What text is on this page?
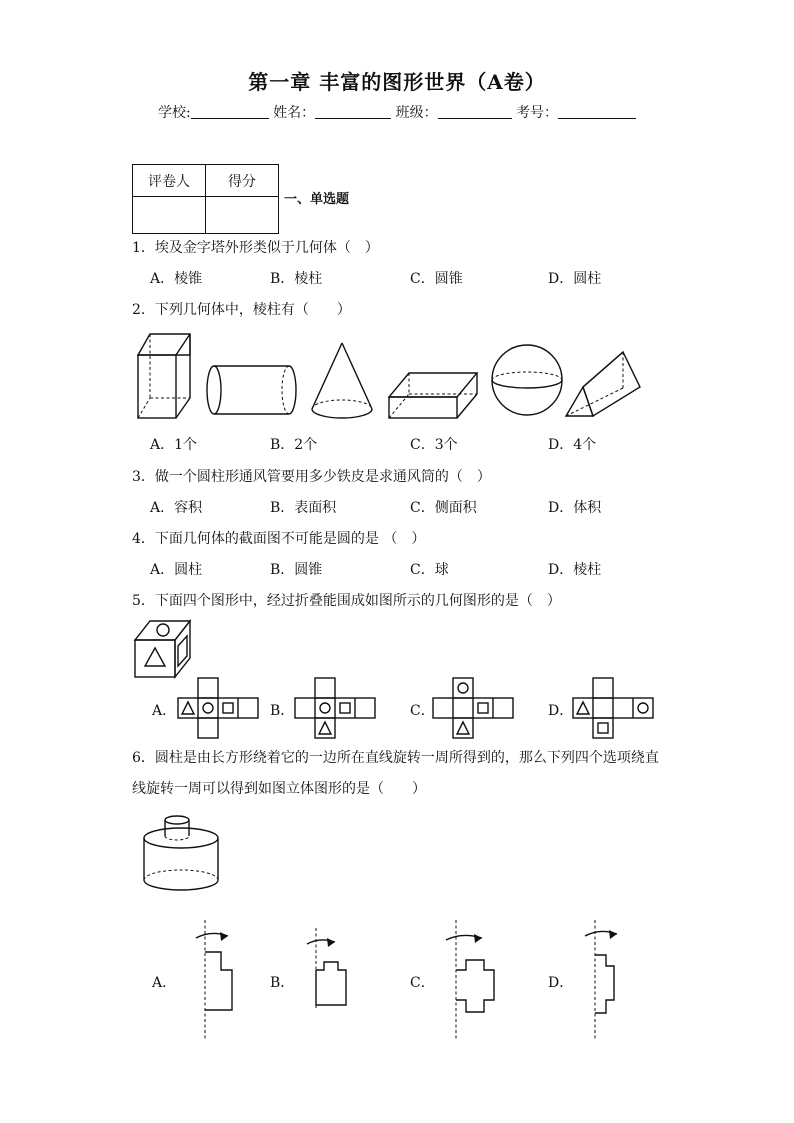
第一章 丰富的图形世界（A卷）
学校:	姓名：	班级：	考号：
评卷人	得分

一、单选题
1．埃及金字塔外形类似于几何体（　）
A．棱锥	B．棱柱	C．圆锥	D．圆柱
2．下列几何体中，棱柱有（　　）
A．1个	B．2个	C．3个	D．4个
3．做一个圆柱形通风管要用多少铁皮是求通风筒的（　）
A．容积	B．表面积	C．侧面积	D．体积
4．下面几何体的截面图不可能是圆的是 （　）
A．圆柱	B．圆锥	C．球	D．棱柱
5．下面四个图形中，经过折叠能围成如图所示的几何图形的是（　）
A．	B．	C．	D．
6．圆柱是由长方形绕着它的一边所在直线旋转一周所得到的，那么下列四个选项绕直
线旋转一周可以得到如图立体图形的是（　　）
A．	B．	C．	D．
